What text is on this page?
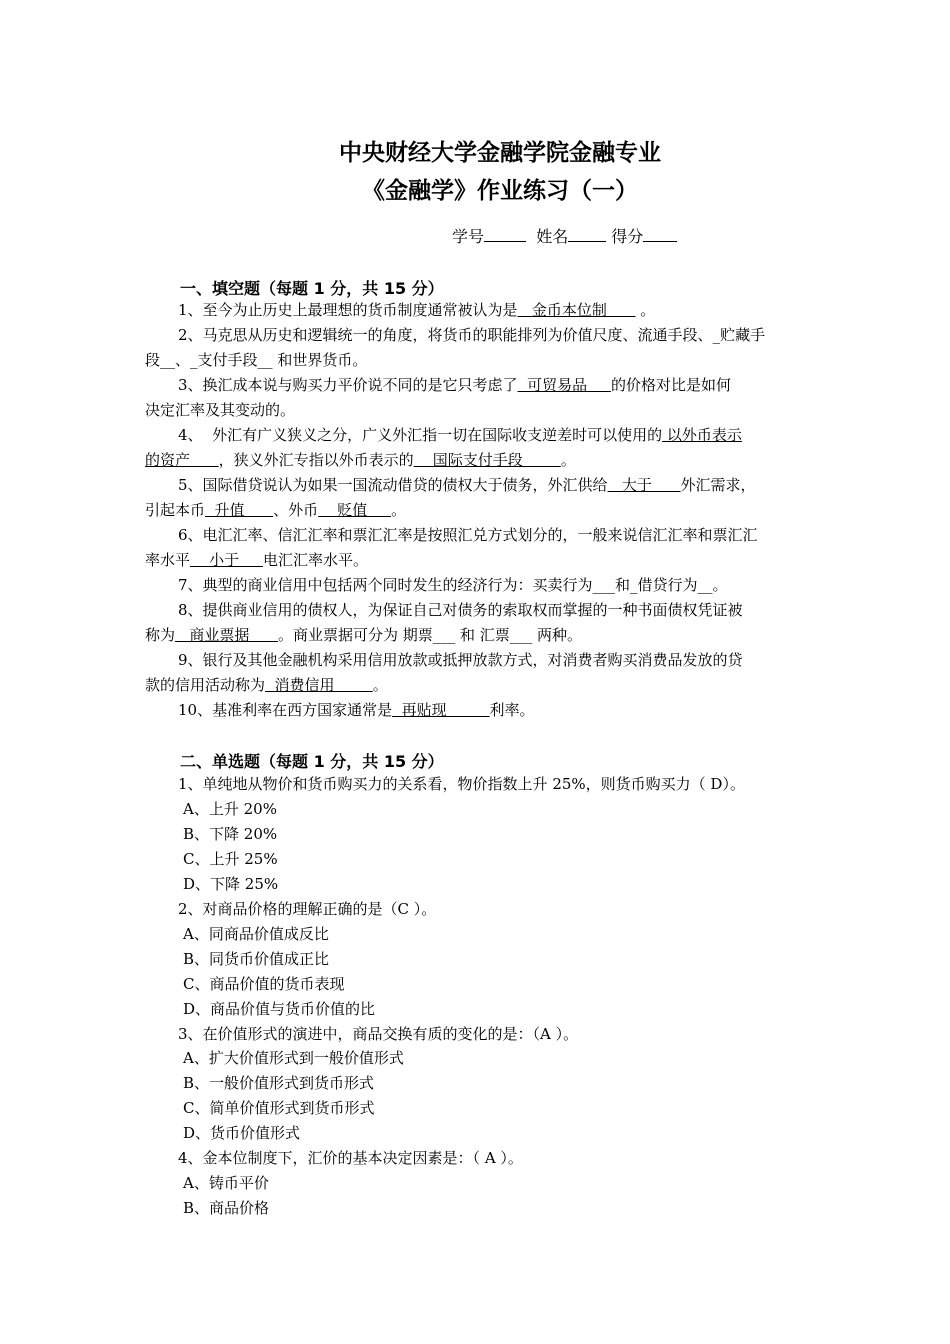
中央财经大学金融学院金融专业
《金融学》作业练习（一）
学号	姓名	得分
一、填空题（每题 1 分，共 15 分）
1、至今为止历史上最理想的货币制度通常被认为是   金币本位制       。
2、马克思从历史和逻辑统一的角度，将货币的职能排列为价值尺度、流通手段、_贮藏手
段__、_支付手段__ 和世界货币。
3、换汇成本说与购买力平价说不同的是它只考虑了  可贸易品     的价格对比是如何
决定汇率及其变动的。
4、  外汇有广义狭义之分，广义外汇指一切在国际收支逆差时可以使用的 以外币表示
的资产      ，狭义外汇专指以外币表示的    国际支付手段        。
5、国际借贷说认为如果一国流动借贷的债权大于债务，外汇供给   大于      外汇需求，
引起本币  升值      、外币    贬值     。
6、电汇汇率、信汇汇率和票汇汇率是按照汇兑方式划分的，一般来说信汇汇率和票汇汇
率水平    小于     电汇汇率水平。
7、典型的商业信用中包括两个同时发生的经济行为：买卖行为___和_借贷行为__。
8、提供商业信用的债权人，为保证自己对债务的索取权而掌握的一种书面债权凭证被
称为   商业票据      。商业票据可分为 期票___ 和 汇票___ 两种。
9、银行及其他金融机构采用信用放款或抵押放款方式，对消费者购买消费品发放的贷
款的信用活动称为  消费信用        。
10、基准利率在西方国家通常是  再贴现         利率。
二、单选题（每题 1 分，共 15 分）
1、单纯地从物价和货币购买力的关系看，物价指数上升 25%，则货币购买力（ D）。
A、上升 20%
B、下降 20%
C、上升 25%
D、下降 25%
2、对商品价格的理解正确的是（C ）。
A、同商品价值成反比
B、同货币价值成正比
C、商品价值的货币表现
D、商品价值与货币价值的比
3、在价值形式的演进中，商品交换有质的变化的是：（A ）。
A、扩大价值形式到一般价值形式
B、一般价值形式到货币形式
C、简单价值形式到货币形式
D、货币价值形式
4、金本位制度下，汇价的基本决定因素是：（ A ）。
A、铸币平价
B、商品价格
